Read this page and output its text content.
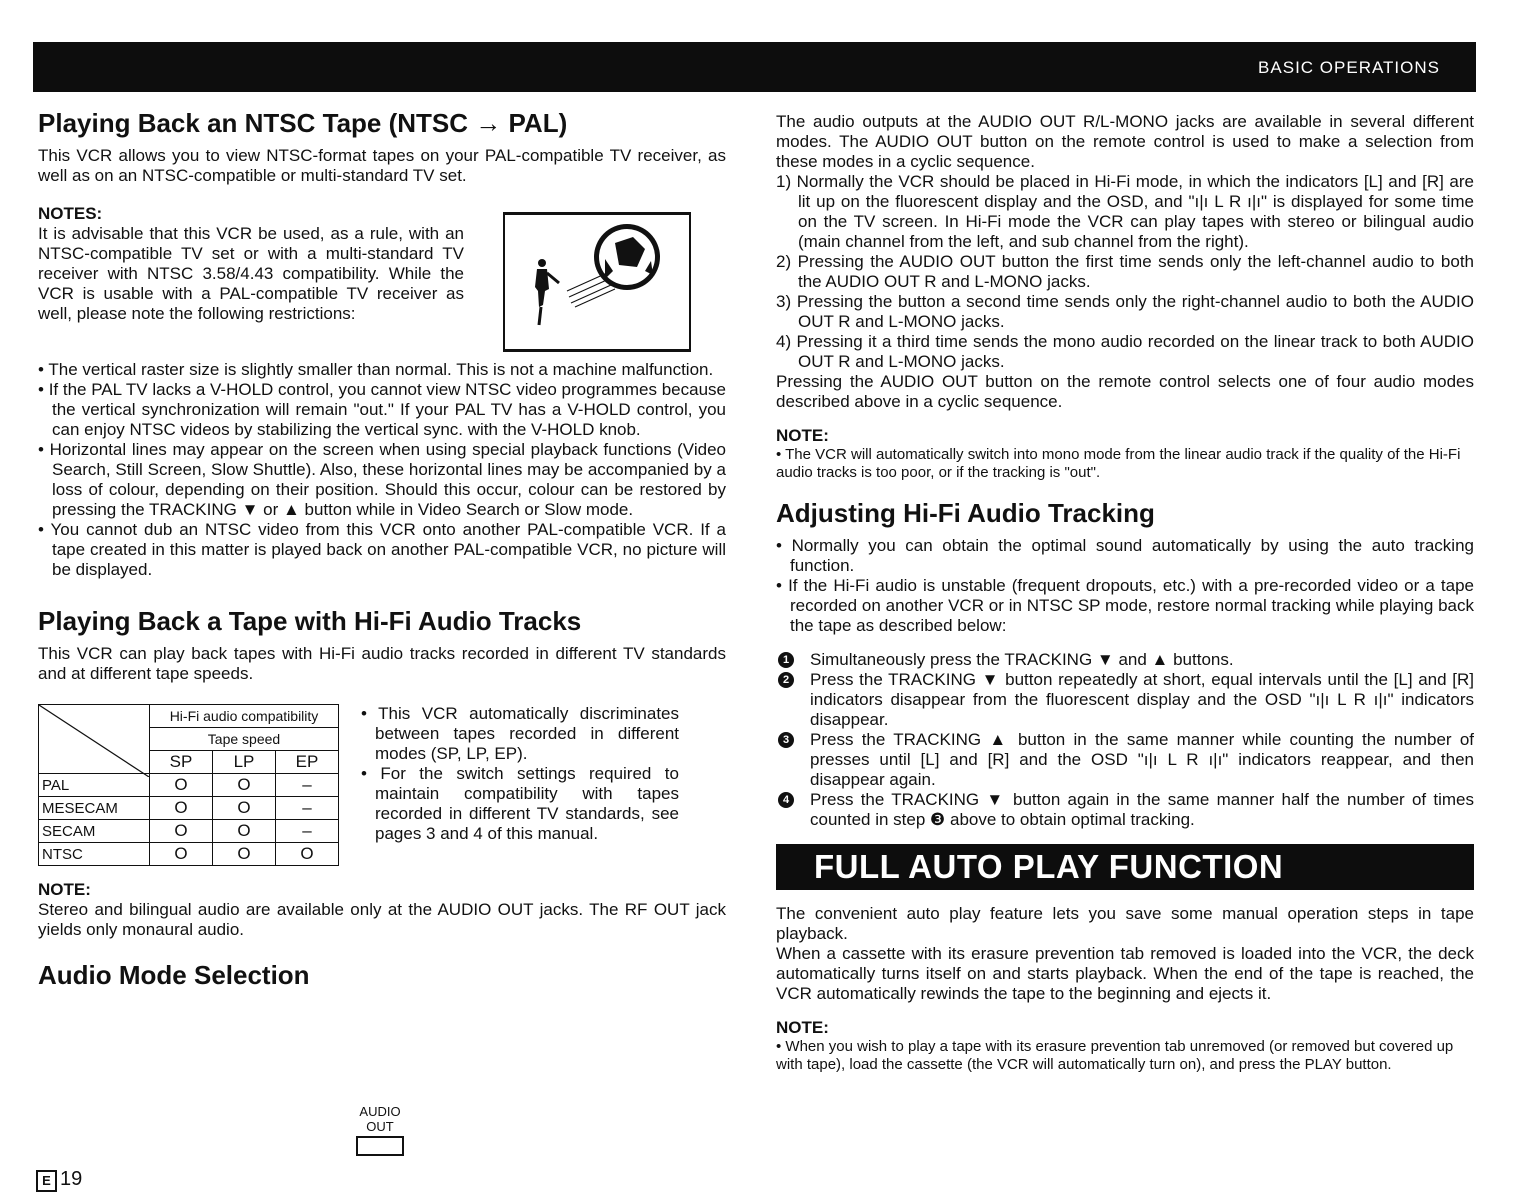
BASIC OPERATIONS
Playing Back an NTSC Tape (NTSC → PAL)

This VCR allows you to view NTSC-format tapes on your PAL-compatible TV receiver, as well as on an NTSC-compatible or multi-standard TV set.

NOTES:
It is advisable that this VCR be used, as a rule, with an NTSC-compatible TV set or with a multi-standard TV receiver with NTSC 3.58/4.43 compatibility. While the VCR is usable with a PAL-compatible TV receiver as well, please note the following restrictions:
• The vertical raster size is slightly smaller than normal. This is not a machine malfunction.
• If the PAL TV lacks a V-HOLD control, you cannot view NTSC video programmes because the vertical synchronization will remain "out." If your PAL TV has a V-HOLD control, you can enjoy NTSC videos by stabilizing the vertical sync. with the V-HOLD knob.
• Horizontal lines may appear on the screen when using special playback functions (Video Search, Still Screen, Slow Shuttle). Also, these horizontal lines may be accompanied by a loss of colour, depending on their position. Should this occur, colour can be restored by pressing the TRACKING ▼ or ▲ button while in Video Search or Slow mode.
• You cannot dub an NTSC video from this VCR onto another PAL-compatible VCR. If a tape created in this matter is played back on another PAL-compatible VCR, no picture will be displayed.
Playing Back a Tape with Hi-Fi Audio Tracks

This VCR can play back tapes with Hi-Fi audio tracks recorded in different TV standards and at different tape speeds.

	Hi-Fi audio compatibility		
	Tape speed		
	SP	LP	EP
PAL	O	O	–
MESECAM	O	O	–
SECAM	O	O	–
NTSC	O	O	O
• This VCR automatically discriminates between tapes recorded in different modes (SP, LP, EP).
• For the switch settings required to maintain compatibility with tapes recorded in different TV standards, see pages 3 and 4 of this manual.
NOTE:

Stereo and bilingual audio are available only at the AUDIO OUT jacks. The RF OUT jack yields only monaural audio.

Audio Mode Selection
AUDIO
OUT
E 19

The audio outputs at the AUDIO OUT R/L-MONO jacks are available in several different modes. The AUDIO OUT button on the remote control is used to make a selection from these modes in a cyclic sequence.

1) Normally the VCR should be placed in Hi-Fi mode, in which the indicators [L] and [R] are lit up on the fluorescent display and the OSD, and "ı|ı L R ı|ı" is displayed for some time on the TV screen. In Hi-Fi mode the VCR can play tapes with stereo or bilingual audio (main channel from the left, and sub channel from the right).
2) Pressing the AUDIO OUT button the first time sends only the left-channel audio to both the AUDIO OUT R and L-MONO jacks.
3) Pressing the button a second time sends only the right-channel audio to both the AUDIO OUT R and L-MONO jacks.
4) Pressing it a third time sends the mono audio recorded on the linear track to both AUDIO OUT R and L-MONO jacks.

Pressing the AUDIO OUT button on the remote control selects one of four audio modes described above in a cyclic sequence.

NOTE:
• The VCR will automatically switch into mono mode from the linear audio track if the quality of the Hi-Fi audio tracks is too poor, or if the tracking is "out".
Adjusting Hi-Fi Audio Tracking
• Normally you can obtain the optimal sound automatically by using the auto tracking function.
• If the Hi-Fi audio is unstable (frequent dropouts, etc.) with a pre-recorded video or a tape recorded on another VCR or in NTSC SP mode, restore normal tracking while playing back the tape as described below:
1 Simultaneously press the TRACKING ▼ and ▲ buttons.
2 Press the TRACKING ▼ button repeatedly at short, equal intervals until the [L] and [R] indicators disappear from the fluorescent display and the OSD "ı|ı L R ı|ı" indicators disappear.
3 Press the TRACKING ▲ button in the same manner while counting the number of presses until [L] and [R] and the OSD "ı|ı L R ı|ı" indicators reappear, and then disappear again.
4 Press the TRACKING ▼ button again in the same manner half the number of times counted in step ❸ above to obtain optimal tracking.
FULL AUTO PLAY FUNCTION

The convenient auto play feature lets you save some manual operation steps in tape playback.

When a cassette with its erasure prevention tab removed is loaded into the VCR, the deck automatically turns itself on and starts playback. When the end of the tape is reached, the VCR automatically rewinds the tape to the beginning and ejects it.

NOTE:
• When you wish to play a tape with its erasure prevention tab unremoved (or removed but covered up with tape), load the cassette (the VCR will automatically turn on), and press the PLAY button.
